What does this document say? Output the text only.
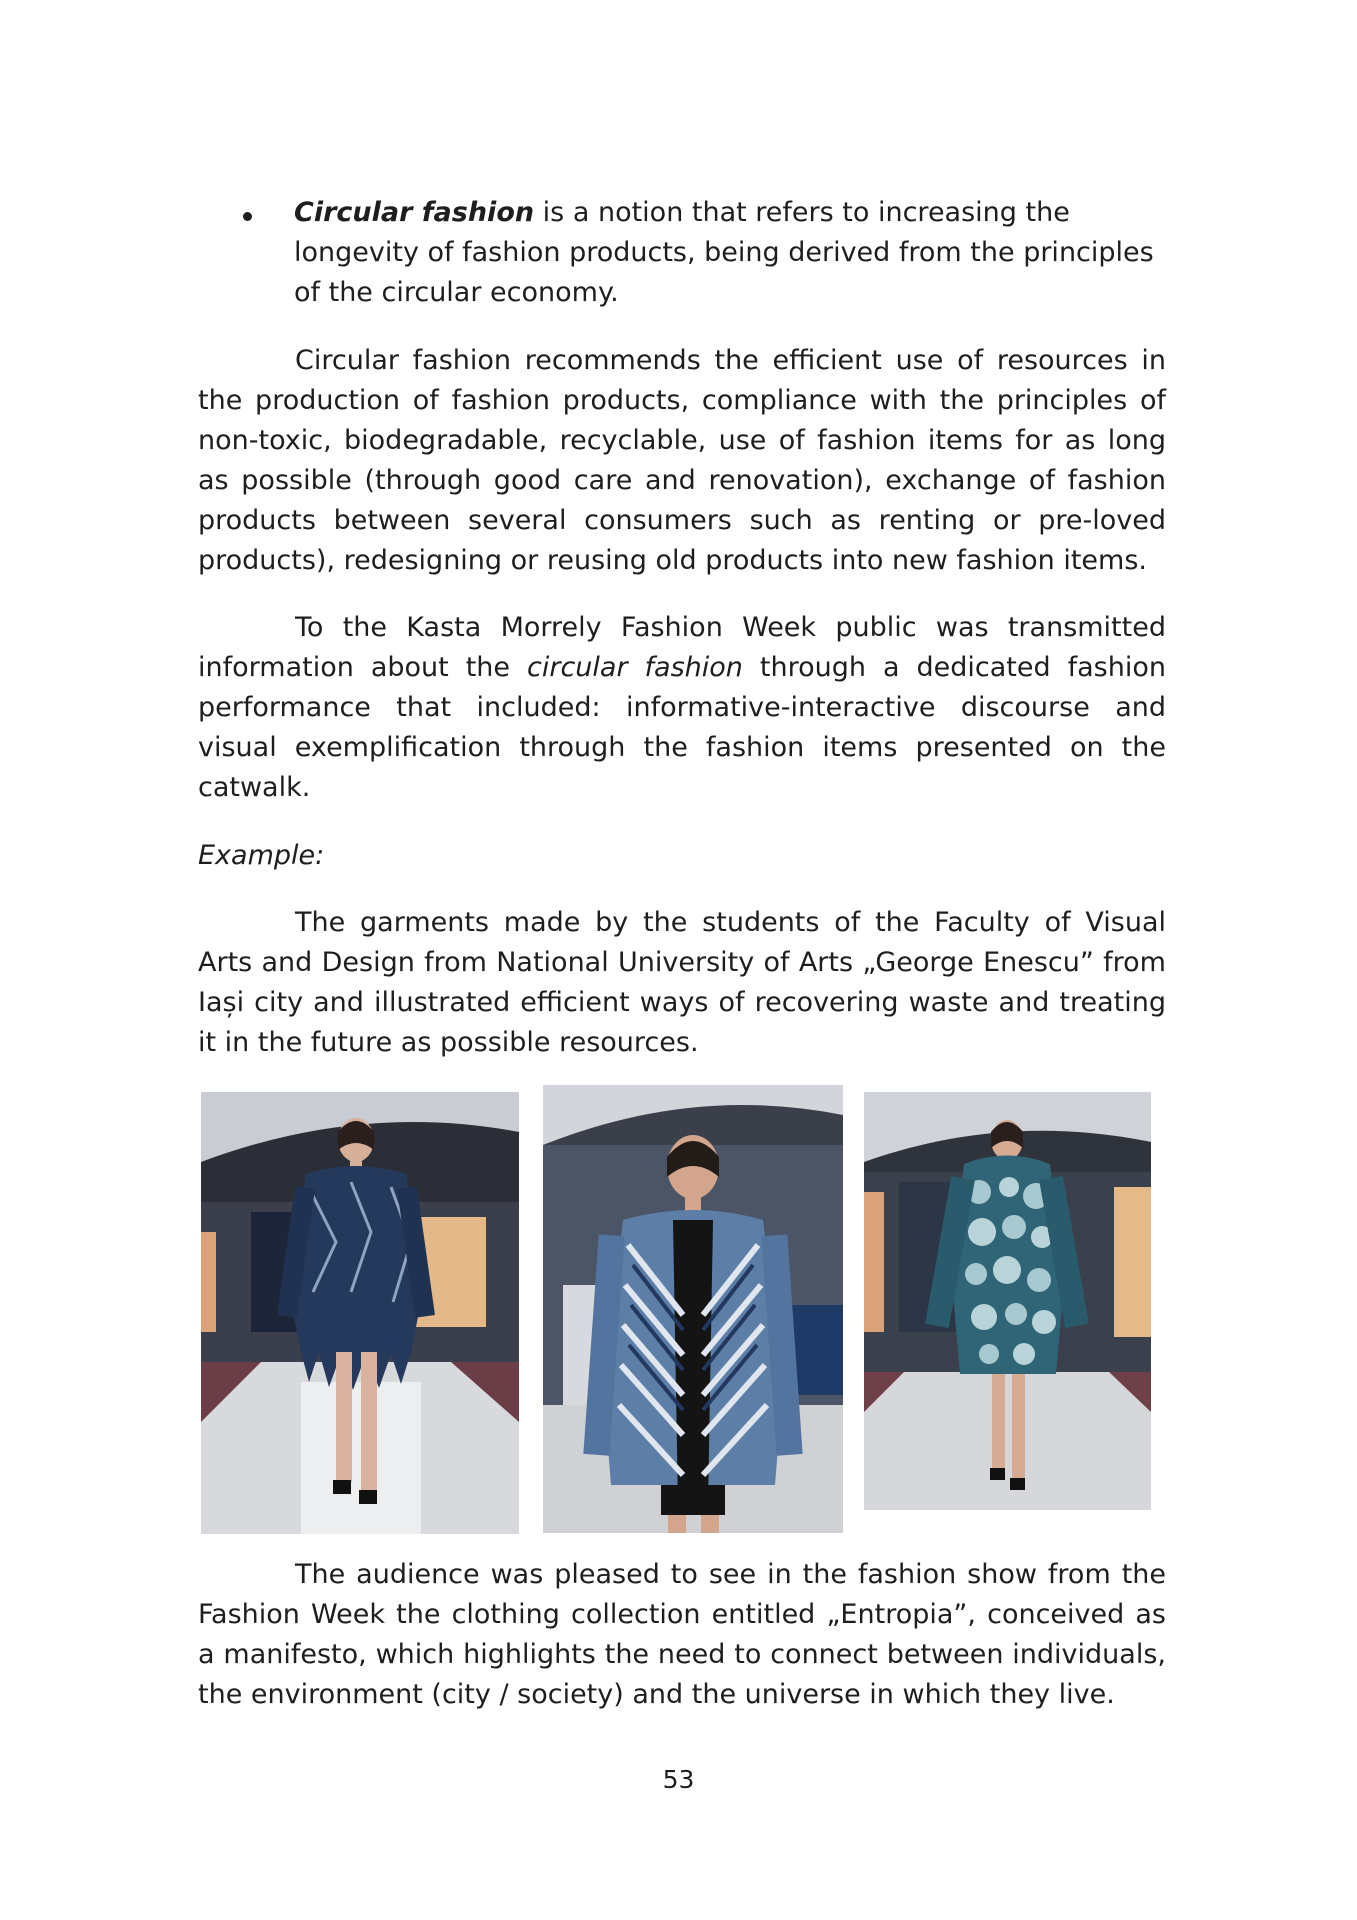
Circular fashion is a notion that refers to increasing the longevity of fashion products, being derived from the principles of the circular economy.

Circular fashion recommends the efficient use of resources in the production of fashion products, compliance with the principles of non-toxic, biodegradable, recyclable, use of fashion items for as long as possible (through good care and renovation), exchange of fashion products between several consumers such as renting or pre-loved products), redesigning or reusing old products into new fashion items.

To the Kasta Morrely Fashion Week public was transmitted information about the circular fashion through a dedicated fashion performance that included: informative-interactive discourse and visual exemplification through the fashion items presented on the catwalk.

Example:

The garments made by the students of the Faculty of Visual Arts and Design from National University of Arts „George Enescu” from Iași city and illustrated efficient ways of recovering waste and treating it in the future as possible resources.

The audience was pleased to see in the fashion show from the Fashion Week the clothing collection entitled „Entropia”, conceived as a manifesto, which highlights the need to connect between individuals, the environment (city / society) and the universe in which they live.

53
